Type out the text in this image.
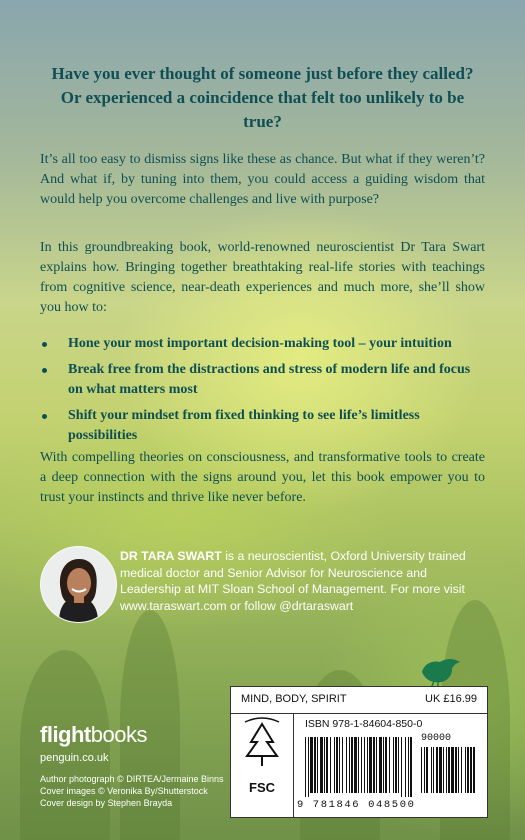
Have you ever thought of someone just before they called? Or experienced a coincidence that felt too unlikely to be true?

It’s all too easy to dismiss signs like these as chance. But what if they weren’t? And what if, by tuning into them, you could access a guiding wisdom that would help you overcome challenges and live with purpose?

In this groundbreaking book, world-renowned neuroscientist Dr Tara Swart explains how. Bringing together breathtaking real-life stories with teachings from cognitive science, near-death experiences and much more, she’ll show you how to:

Hone your most important decision-making tool – your intuition
Break free from the distractions and stress of modern life and focus on what matters most
Shift your mindset from fixed thinking to see life’s limitless possibilities

With compelling theories on consciousness, and transformative tools to create a deep connection with the signs around you, let this book empower you to trust your instincts and thrive like never before.

DR TARA SWART is a neuroscientist, Oxford University trained medical doctor and Senior Advisor for Neuroscience and Leadership at MIT Sloan School of Management. For more visit www.taraswart.com or follow @drtaraswart
flightbooks
penguin.co.uk
Author photograph © DIRTEA/Jermaine Binns
Cover images © Veronika By/Shutterstock
Cover design by Stephen Brayda
MIND, BODY, SPIRIT	UK £16.99
FSC
ISBN 978-1-84604-850-0
90000
9 781846 048500
